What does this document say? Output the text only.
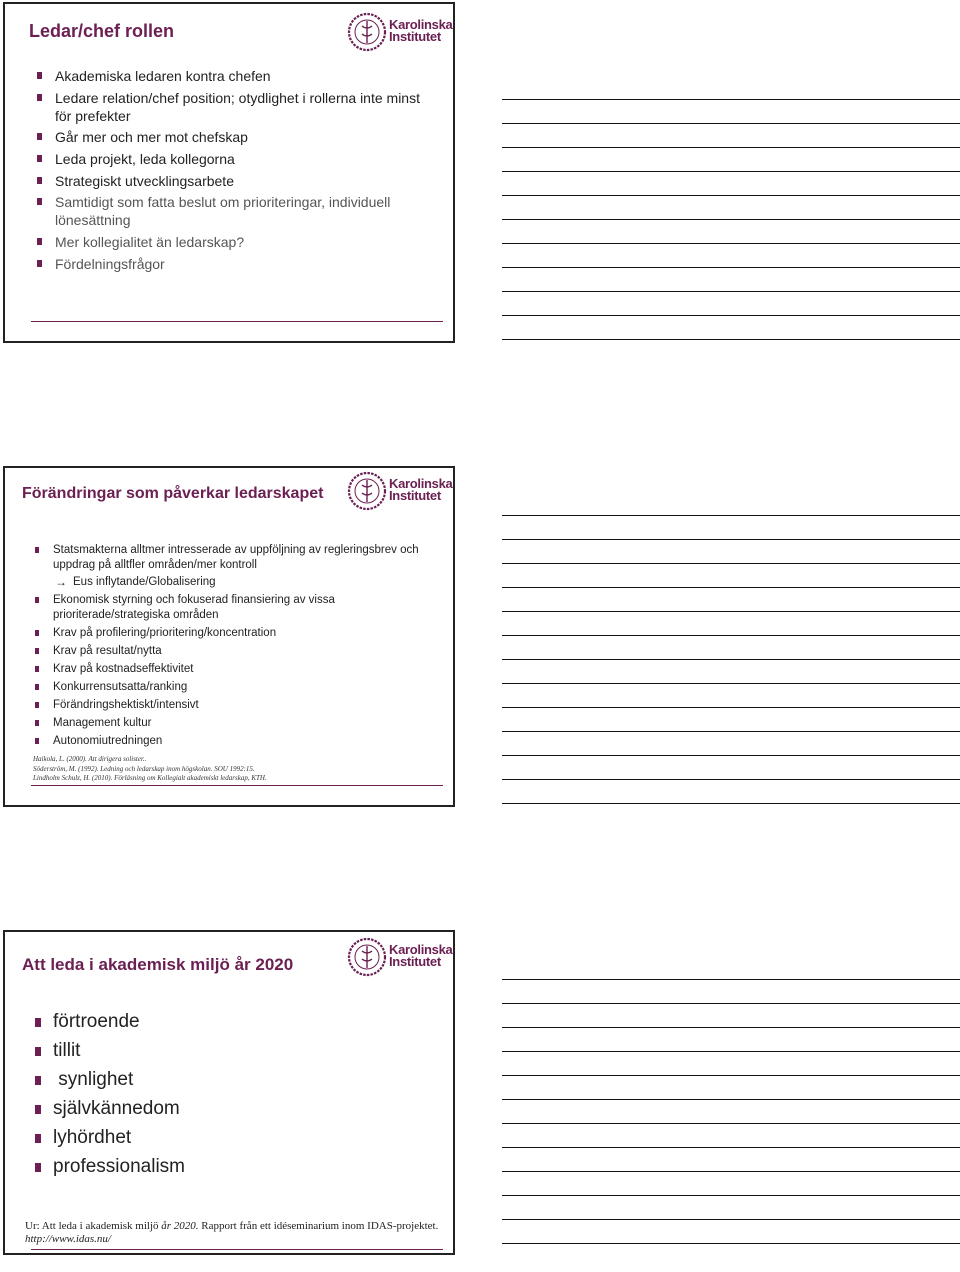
Ledar/chef rollen	Karolinska
Institutet
Akademiska ledaren kontra chefen
Ledare relation/chef position; otydlighet i rollerna inte minst för prefekter
Går mer och mer mot chefskap
Leda projekt, leda kollegorna
Strategiskt utvecklingsarbete
Samtidigt som fatta beslut om prioriteringar, individuell lönesättning
Mer kollegialitet än ledarskap?
Fördelningsfrågor
Förändringar som påverkar ledarskapet
Karolinska
Institutet
Statsmakterna alltmer intresserade av uppföljning av regleringsbrev och uppdrag på alltfler områden/mer kontroll
→ Eus inflytande/Globalisering
Ekonomisk styrning och fokuserad finansiering av vissa prioriterade/strategiska områden
Krav på profilering/prioritering/koncentration
Krav på resultat/nytta
Krav på kostnadseffektivitet
Konkurrensutsatta/ranking
Förändringshektiskt/intensivt
Management kultur
Autonomiutredningen
Haikola, L. (2000). Att dirigera solister..
Söderström, M. (1992). Ledning och ledarskap inom högskolan. SOU 1992:15.
Lindholm Schulz, H. (2010). Förläsning om Kollegialt akademiskt ledarskap, KTH.
Att leda i akademisk miljö år 2020
Karolinska
Institutet
förtroende
tillit
synlighet
självkännedom
lyhördhet
professionalism
Ur: Att leda i akademisk miljö år 2020. Rapport från ett idéseminarium inom IDAS-projektet. http://www.idas.nu/
